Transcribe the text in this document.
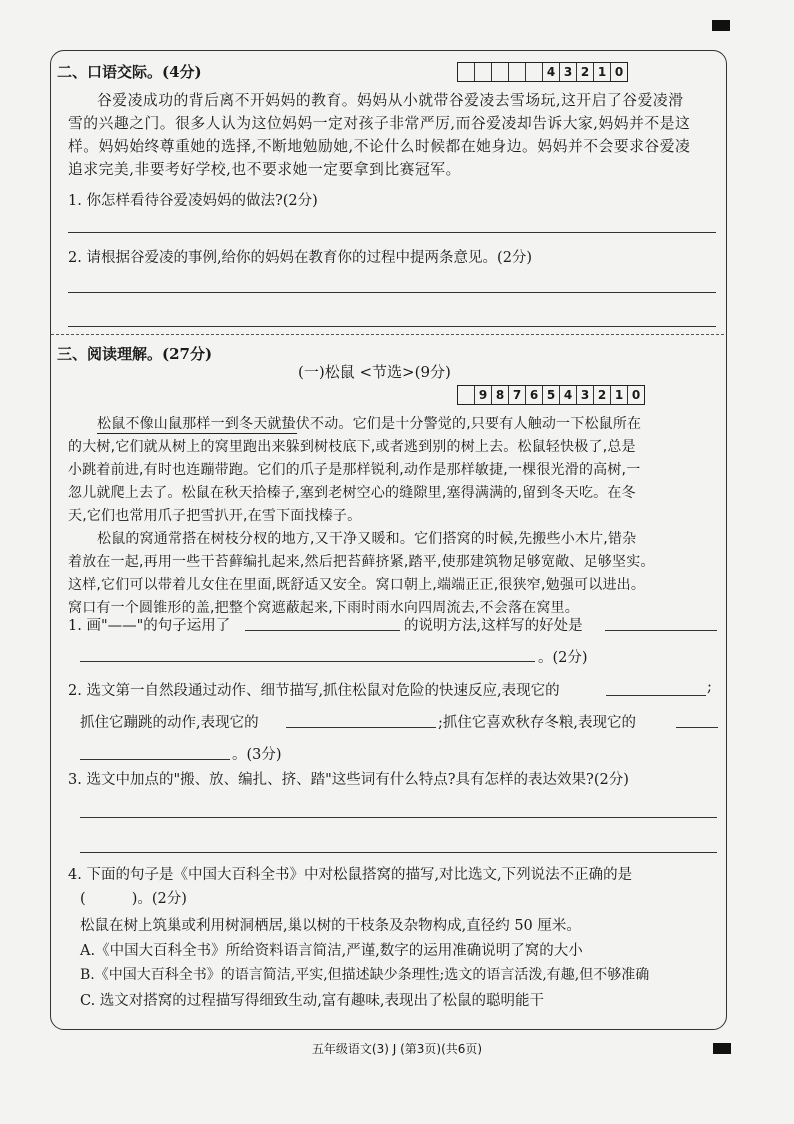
二、口语交际。(4分)	4 3 2 1 0
谷爱凌成功的背后离不开妈妈的教育。妈妈从小就带谷爱凌去雪场玩,这开启了谷爱凌滑
雪的兴趣之门。很多人认为这位妈妈一定对孩子非常严厉,而谷爱凌却告诉大家,妈妈并不是这
样。妈妈始终尊重她的选择,不断地勉励她,不论什么时候都在她身边。妈妈并不会要求谷爱凌
追求完美,非要考好学校,也不要求她一定要拿到比赛冠军。
1. 你怎样看待谷爱凌妈妈的做法?(2分)
2. 请根据谷爱凌的事例,给你的妈妈在教育你的过程中提两条意见。(2分)
三、阅读理解。(27分)
(一)松鼠 <节选>(9分)
9 8 7 6 5 4 3 2 1 0
松鼠不像山鼠那样一到冬天就蛰伏不动。它们是十分警觉的,只要有人触动一下松鼠所在
的大树,它们就从树上的窝里跑出来躲到树枝底下,或者逃到别的树上去。松鼠轻快极了,总是
小跳着前进,有时也连蹦带跑。它们的爪子是那样锐利,动作是那样敏捷,一棵很光滑的高树,一
忽儿就爬上去了。松鼠在秋天拾榛子,塞到老树空心的缝隙里,塞得满满的,留到冬天吃。在冬
天,它们也常用爪子把雪扒开,在雪下面找榛子。
松鼠的窝通常搭在树枝分杈的地方,又干净又暖和。它们搭窝的时候,先搬些小木片,错杂
着放在一起,再用一些干苔藓编扎起来,然后把苔藓挤紧,踏平,使那建筑物足够宽敞、足够坚实。
这样,它们可以带着儿女住在里面,既舒适又安全。窝口朝上,端端正正,很狭窄,勉强可以进出。
窝口有一个圆锥形的盖,把整个窝遮蔽起来,下雨时雨水向四周流去,不会落在窝里。
1. 画"——"的句子运用了	的说明方法,这样写的好处是
。(2分)
2. 选文第一自然段通过动作、细节描写,抓住松鼠对危险的快速反应,表现它的	;
抓住它蹦跳的动作,表现它的	;抓住它喜欢秋存冬粮,表现它的
。(3分)
3. 选文中加点的"搬、放、编扎、挤、踏"这些词有什么特点?具有怎样的表达效果?(2分)
4. 下面的句子是《中国大百科全书》中对松鼠搭窝的描写,对比选文,下列说法不正确的是
(          )。(2分)
松鼠在树上筑巢或利用树洞栖居,巢以树的干枝条及杂物构成,直径约 50 厘米。
A.《中国大百科全书》所给资料语言简洁,严谨,数字的运用准确说明了窝的大小
B.《中国大百科全书》的语言简洁,平实,但描述缺少条理性;选文的语言活泼,有趣,但不够准确
C. 选文对搭窝的过程描写得细致生动,富有趣味,表现出了松鼠的聪明能干
五年级语文(3) J (第3页)(共6页)
